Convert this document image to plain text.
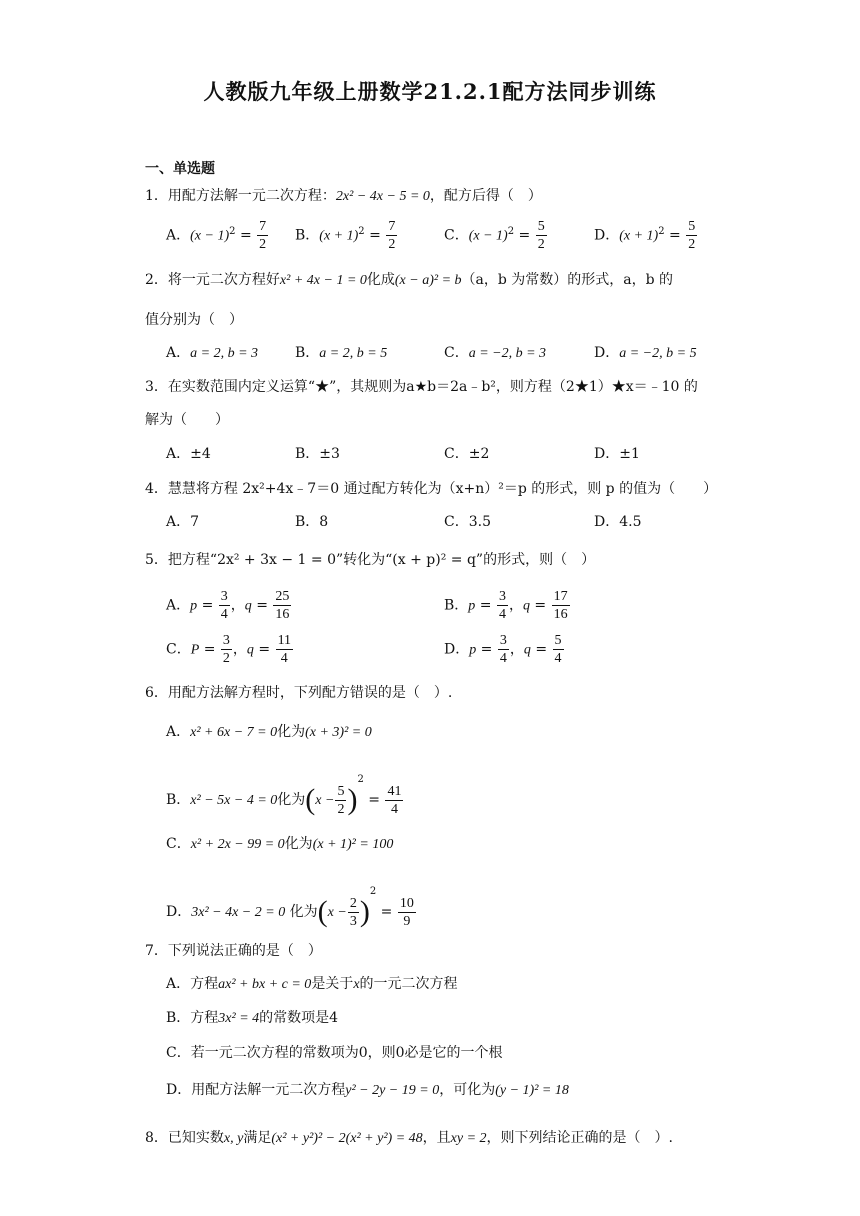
人教版九年级上册数学21.2.1配方法同步训练
一、单选题
1．用配方法解一元二次方程：2x² − 4x − 5 = 0，配方后得（　）
A．$(x - 1)^2 = \frac{7}{2}$ B．$(x + 1)^2 = \frac{7}{2}$	C．$(x - 1)^2 = \frac{5}{2}$	D．$(x + 1)^2 = \frac{5}{2}$
2．将一元二次方程好x² + 4x − 1 = 0化成(x − a)² = b（a，b 为常数）的形式，a，b 的
值分别为（　）
A．a = 2, b = 3	B．a = 2, b = 5	C．a = −2, b = 3	D．a = −2, b = 5
3．在实数范围内定义运算“★”，其规则为a★b＝2a﹣b²，则方程（2★1）★x＝﹣10 的
解为（　　）
A．±4	B．±3	C．±2	D．±1
4．慧慧将方程 2x²+4x﹣7＝0 通过配方转化为（x+n）²＝p 的形式，则 p 的值为（　　）
A．7	B．8	C．3.5	D．4.5
5．把方程“2x² + 3x − 1 = 0”转化为“(x + p)² = q”的形式，则（　）
A．$p = \frac{3}{4}$ ，$q = \frac{25}{16}$	B．$p = \frac{3}{4}$ ，$q = \frac{17}{16}$
C．$P = \frac{3}{2}$ ，$q = \frac{11}{4}$	D．$p = \frac{3}{4}$ ，$q = \frac{5}{4}$
6．用配方法解方程时，下列配方错误的是（　）.
A．x² + 6x − 7 = 0化为(x + 3)² = 0
B．x² − 5x − 4 = 0化为$(x - \frac{5}{2} )^2 = \frac{41}{4}$
C．x² + 2x − 99 = 0化为(x + 1)² = 100
D．3x² − 4x − 2 = 0 化为$(x - \frac{2}{3} )^2 = \frac{10}{9}$
7．下列说法正确的是（　）
A．方程ax² + bx + c = 0是关于x的一元二次方程
B．方程3x² = 4的常数项是4
C．若一元二次方程的常数项为0，则0必是它的一个根
D．用配方法解一元二次方程y² − 2y − 19 = 0，可化为(y − 1)² = 18
8．已知实数x, y满足(x² + y²)² − 2(x² + y²) = 48，且xy = 2，则下列结论正确的是（　）.
